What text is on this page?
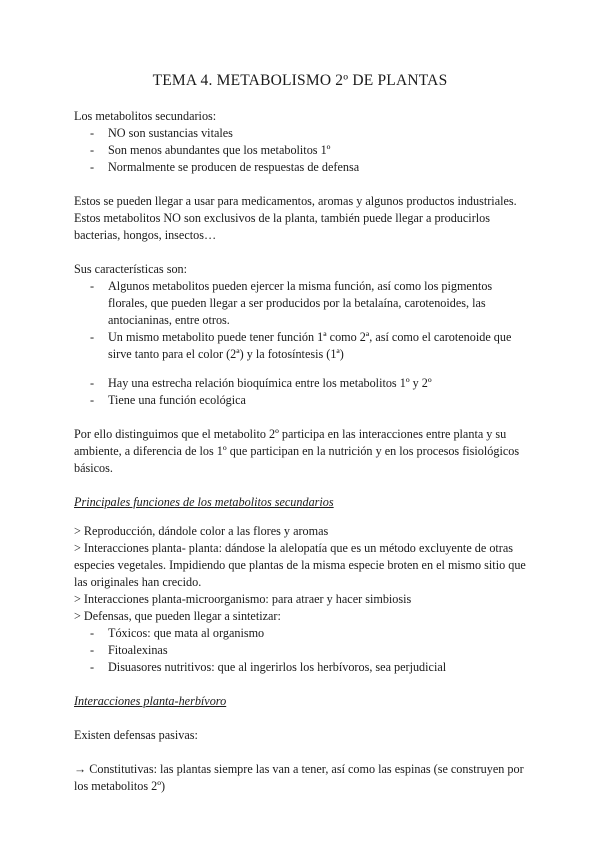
TEMA 4. METABOLISMO 2º DE PLANTAS

Los metabolitos secundarios:

- NO son sustancias vitales
- Son menos abundantes que los metabolitos 1º
- Normalmente se producen de respuestas de defensa

Estos se pueden llegar a usar para medicamentos, aromas y algunos productos industriales. Estos metabolitos NO son exclusivos de la planta, también puede llegar a producirlos bacterias, hongos, insectos…

Sus características son:

- Algunos metabolitos pueden ejercer la misma función, así como los pigmentos florales, que pueden llegar a ser producidos por la betalaína, carotenoides, las antocianinas, entre otros.
- Un mismo metabolito puede tener función 1ª como 2ª, así como el carotenoide que sirve tanto para el color (2ª) y la fotosíntesis (1ª)
- Hay una estrecha relación bioquímica entre los metabolitos 1º y 2º
- Tiene una función ecológica

Por ello distinguimos que el metabolito 2º participa en las interacciones entre planta y su ambiente, a diferencia de los 1º que participan en la nutrición y en los procesos fisiológicos básicos.

Principales funciones de los metabolitos secundarios

> Reproducción, dándole color a las flores y aromas

> Interacciones planta- planta: dándose la alelopatía que es un método excluyente de otras especies vegetales. Impidiendo que plantas de la misma especie broten en el mismo sitio que las originales han crecido.

> Interacciones planta-microorganismo: para atraer y hacer simbiosis

> Defensas, que pueden llegar a sintetizar:

- Tóxicos: que mata al organismo
- Fitoalexinas
- Disuasores nutritivos: que al ingerirlos los herbívoros, sea perjudicial

Interacciones planta-herbívoro

Existen defensas pasivas:

→ Constitutivas: las plantas siempre las van a tener, así como las espinas (se construyen por los metabolitos 2º)
